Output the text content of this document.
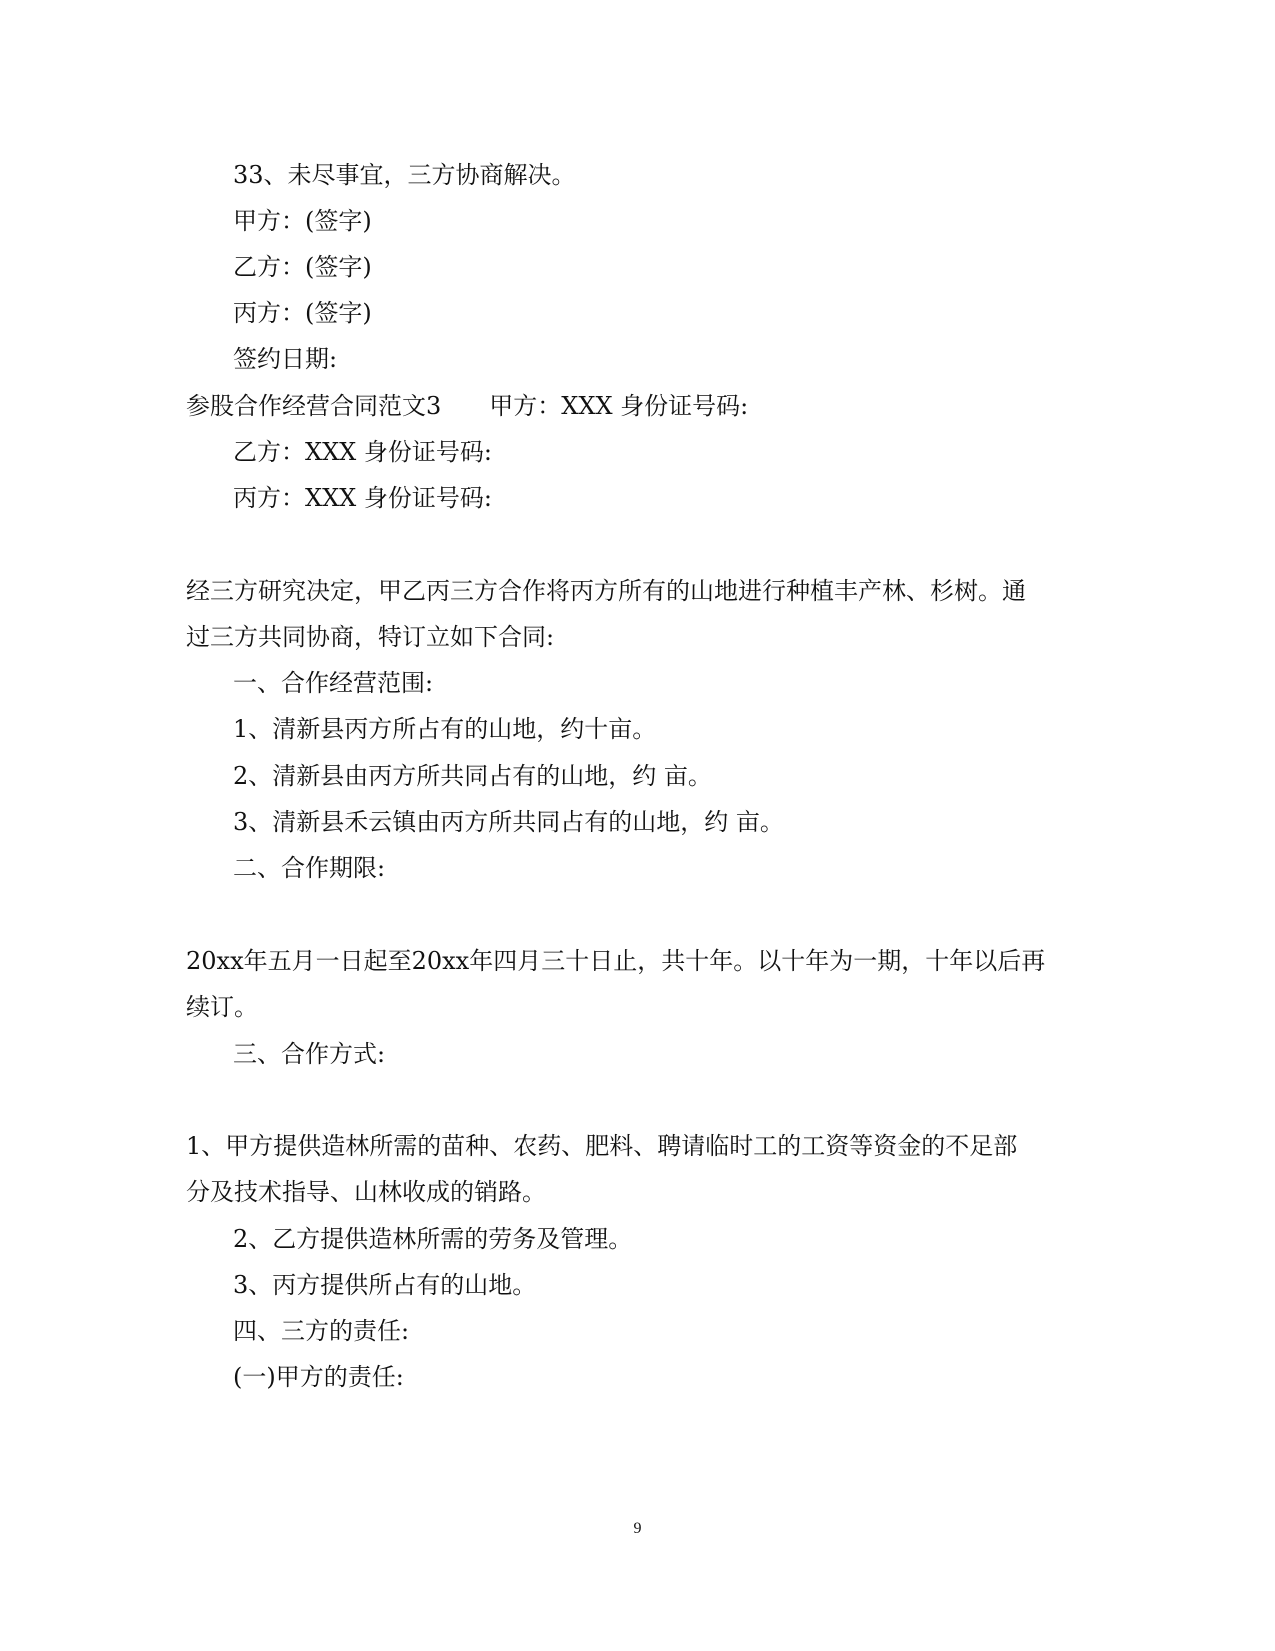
33、未尽事宜，三方协商解决。
甲方：(签字)
乙方：(签字)
丙方：(签字)
签约日期:
参股合作经营合同范文3　　甲方：XXX 身份证号码:
乙方：XXX 身份证号码:
丙方：XXX 身份证号码:
经三方研究决定，甲乙丙三方合作将丙方所有的山地进行种植丰产林、杉树。通
过三方共同协商，特订立如下合同:
一、合作经营范围:
1、清新县丙方所占有的山地，约十亩。
2、清新县由丙方所共同占有的山地，约 亩。
3、清新县禾云镇由丙方所共同占有的山地，约 亩。
二、合作期限:
20xx年五月一日起至20xx年四月三十日止，共十年。以十年为一期，十年以后再
续订。
三、合作方式:
1、甲方提供造林所需的苗种、农药、肥料、聘请临时工的工资等资金的不足部
分及技术指导、山林收成的销路。
2、乙方提供造林所需的劳务及管理。
3、丙方提供所占有的山地。
四、三方的责任:
(一)甲方的责任:
9
